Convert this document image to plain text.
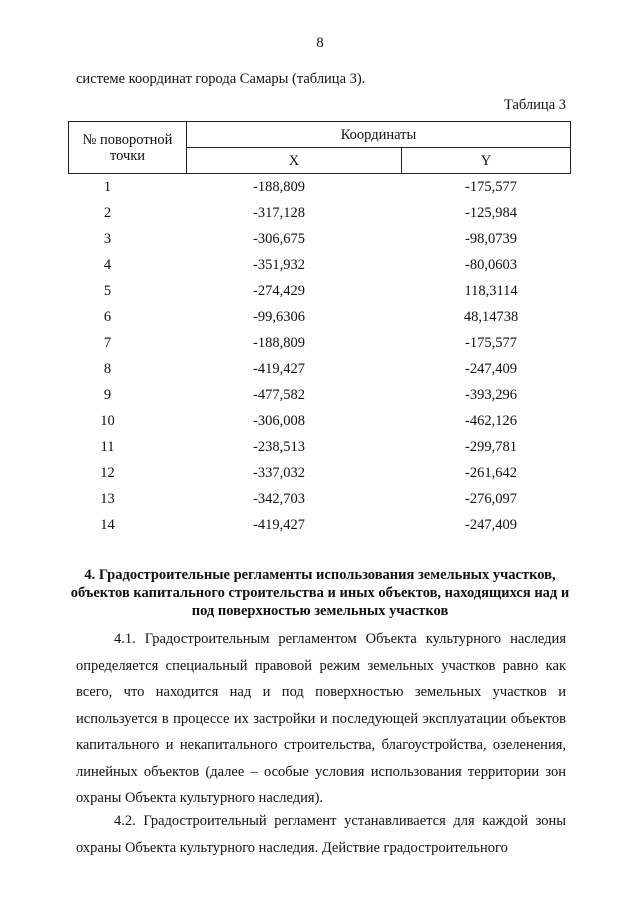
8
системе координат города Самары (таблица 3).
Таблица 3
№ поворотной точки	Координаты	
	X	Y
1	-188,809	-175,577
2	-317,128	-125,984
3	-306,675	-98,0739
4	-351,932	-80,0603
5	-274,429	118,3114
6	-99,6306	48,14738
7	-188,809	-175,577
8	-419,427	-247,409
9	-477,582	-393,296
10	-306,008	-462,126
11	-238,513	-299,781
12	-337,032	-261,642
13	-342,703	-276,097
14	-419,427	-247,409
4. Градостроительные регламенты использования земельных участков, объектов капитального строительства и иных объектов, находящихся над и под поверхностью земельных участков

4.1. Градостроительным регламентом Объекта культурного наследия определяется специальный правовой режим земельных участков равно как всего, что находится над и под поверхностью земельных участков и используется в процессе их застройки и последующей эксплуатации объектов капитального и некапитального строительства, благоустройства, озеленения, линейных объектов (далее – особые условия использования территории зон охраны Объекта культурного наследия).

4.2. Градостроительный регламент устанавливается для каждой зоны охраны Объекта культурного наследия. Действие градостроительного
